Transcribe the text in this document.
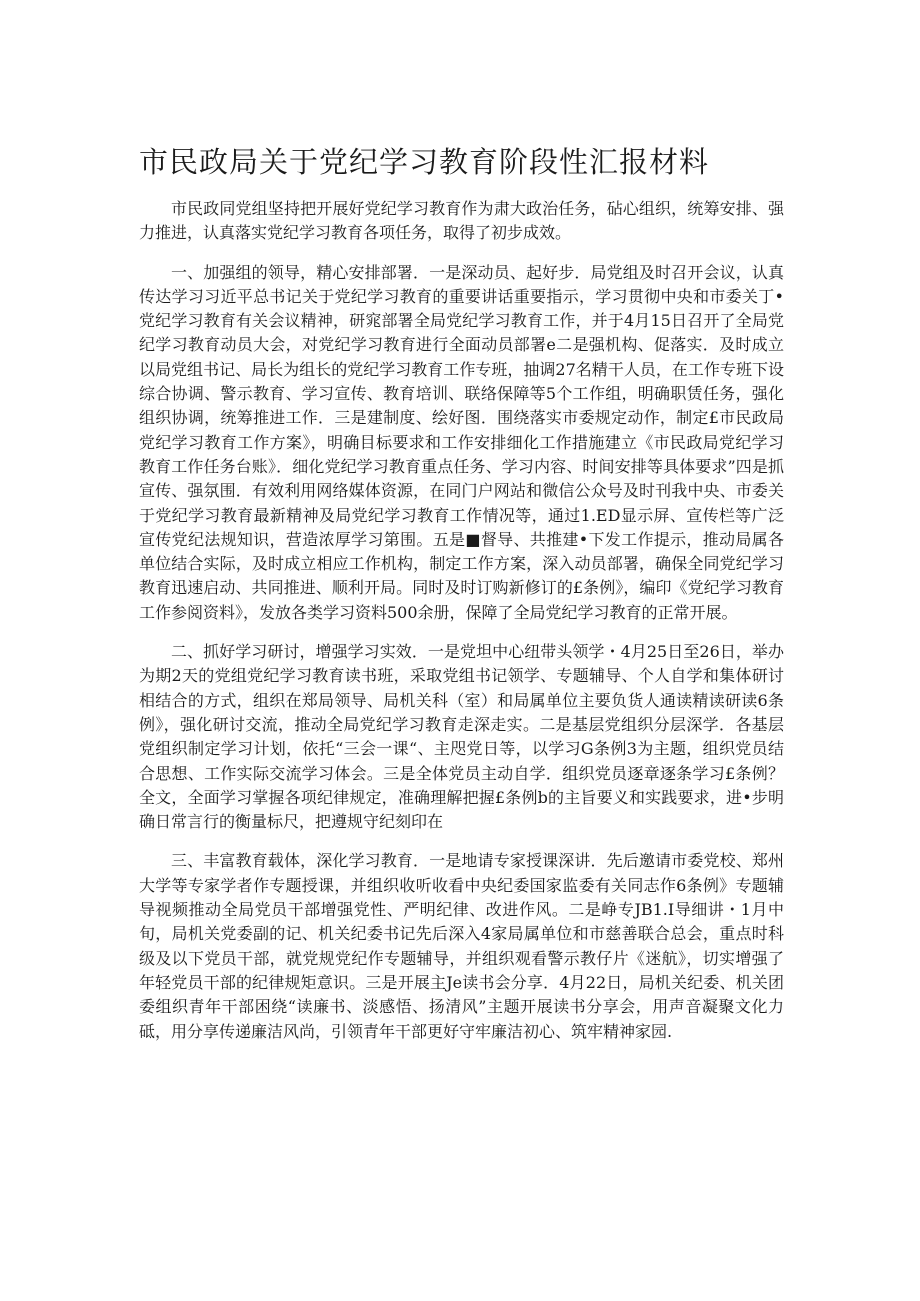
市民政局关于党纪学习教育阶段性汇报材料

市民政同党组坚持把开展好党纪学习教育作为肃大政治任务，砧心组织，统筹安排、强力推进，认真落实党纪学习教育各项任务，取得了初步成效。

一、加强组的领导，精心安排部署．一是深动员、起好步．局党组及时召开会议，认真传达学习习近平总书记关于党纪学习教育的重要讲话重要指示，学习贯彻中央和市委关丁•党纪学习教育有关会议精神，研窕部署全局党纪学习教育工作，并于4月15日召开了全局党纪学习教育动员大会，对党纪学习教育进行全面动员部署e二是强机构、促落实．及时成立以局党组书记、局长为组长的党纪学习教育工作专班，抽调27名精干人员，在工作专班下设综合协调、警示教育、学习宣传、教育培训、联络保障等5个工作组，明确职赁任务，强化组织协调，统筹推进工作．三是建制度、绘好图．围绕落实市委规定动作，制定£市民政局党纪学习教育工作方案》，明确目标要求和工作安排细化工作措施建立《市民政局党纪学习教育工作任务台账》．细化党纪学习教育重点任务、学习内容、时间安排等具体要求”四是抓宣传、强氛围．有效利用网络媒体资源，在同门户网站和微信公众号及时刊我中央、市委关于党纪学习教育最新精神及局党纪学习教育工作情况等，通过1.ED显示屏、宣传栏等广泛宣传党纪法规知识，营造浓厚学习第围。五是■督导、共推建•下发工作提示，推动局属各单位结合实际，及时成立相应工作机构，制定工作方案，深入动员部署，确保全同党纪学习教育迅速启动、共同推进、顺利开局。同时及时订购新修订的£条例》，编印《党纪学习教育工作参阅资料》，发放各类学习资料500余册，保障了全局党纪学习教育的正常开展。

二、抓好学习研讨，增强学习实效．一是党坦中心纽带头领学・4月25日至26日，举办为期2天的党组党纪学习教育读书班，采取党组书记领学、专题辅导、个人自学和集体研讨相结合的方式，组织在郑局领导、局机关科（室）和局属单位主要负货人通读精读研读6条例》，强化研讨交流，推动全局党纪学习教育走深走实。二是基层党组织分层深学．各基层党组织制定学习计划，依托“三会一课“、主咫党日等，以学习G条例3为主题，组织党员结合思想、工作实际交流学习体会。三是全体党员主动自学．组织党员逐章逐条学习£条例？全文，全面学习掌握各项纪律规定，准确理解把握£条例b的主旨要义和实践要求，进•步明确日常言行的衡量标尺，把遵规守纪刻印在

三、丰富教育载体，深化学习教育．一是地请专家授课深讲．先后邀请市委党校、郑州大学等专家学者作专题授课，并组织收听收看中央纪委国家监委有关同志作6条例》专题辅导视频推动全局党员干部增强党性、严明纪律、改进作风。二是峥专JB1.I导细讲・1月中旬，局机关党委副的记、机关纪委书记先后深入4家局属单位和市慈善联合总会，重点时科级及以下党员干部，就党规党纪作专题辅导，并组织观看警示教仔片《迷航》，切实增强了年轻党员干部的纪律规矩意识。三是开展主Je读书会分享．4月22日，局机关纪委、机关团委组织青年干部困绕“读廉书、淡感悟、扬清风”主题开展读书分享会，用声音凝聚文化力砥，用分享传递廉洁风尚，引领青年干部更好守牢廉洁初心、筑牢精神家园.
